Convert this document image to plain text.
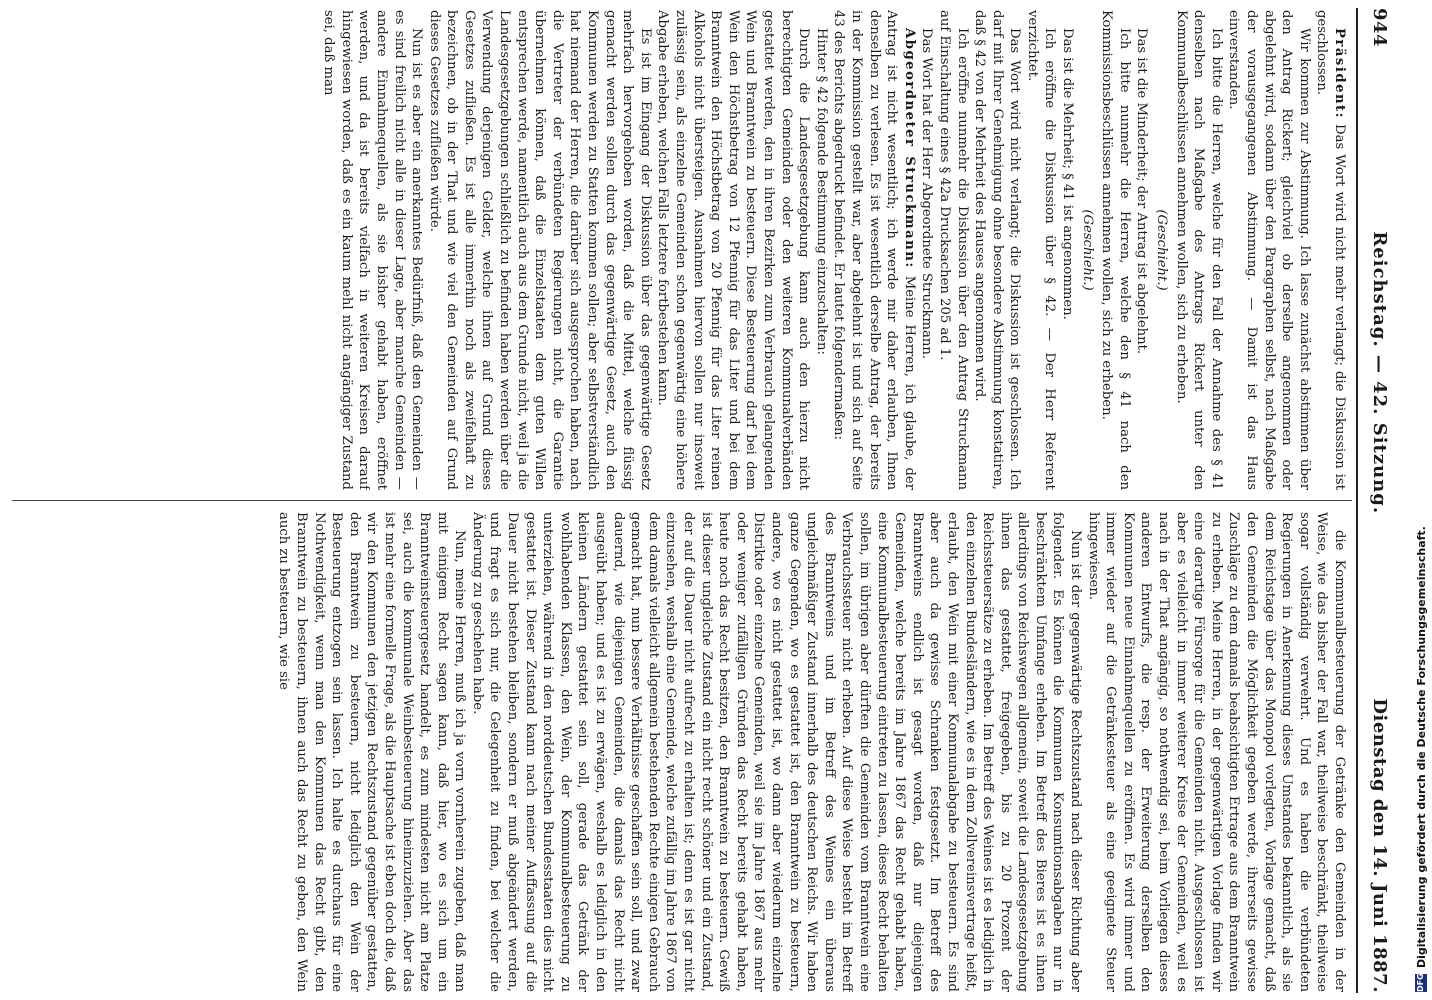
944
Reichstag. — 42. Sitzung.
Dienstag den 14. Juni 1887.

Präsident: Das Wort wird nicht mehr verlangt; die Diskussion ist geschlossen.

Wir kommen zur Abstimmung. Ich lasse zunächst abstimmen über den Antrag Rickert; gleichviel ob derselbe angenommen oder abgelehnt wird, sodann über den Paragraphen selbst, nach Maßgabe der vorausgegangenen Abstimmung. — Damit ist das Haus einverstanden.

Ich bitte die Herren, welche für den Fall der Annahme des § 41 denselben nach Maßgabe des Antrags Rickert unter den Kommunalbeschlüssen annehmen wollen, sich zu erheben.

(Geschieht.)

Das ist die Minderheit; der Antrag ist abgelehnt.

Ich bitte nunmehr die Herren, welche den § 41 nach den Kommissionsbeschlüssen annehmen wollen, sich zu erheben.

(Geschieht.)

Das ist die Mehrheit; § 41 ist angenommen.

Ich eröffne die Diskussion über § 42. — Der Herr Referent verzichtet.

Das Wort wird nicht verlangt; die Diskussion ist geschlossen. Ich darf mit Ihrer Genehmigung ohne besondere Abstimmung konstatiren, daß § 42 von der Mehrheit des Hauses angenommen wird.

Ich eröffne nunmehr die Diskussion über den Antrag Struckmann auf Einschaltung eines § 42a Drucksachen 205 ad 1.

Das Wort hat der Herr Abgeordnete Struckmann.

Abgeordneter Struckmann: Meine Herren, ich glaube, der Antrag ist nicht wesentlich; ich werde mir daher erlauben, Ihnen denselben zu verlesen. Es ist wesentlich derselbe Antrag, der bereits in der Kommission gestellt war, aber abgelehnt ist und sich auf Seite 43 des Berichts abgedruckt befindet. Er lautet folgendermaßen:

Hinter § 42 folgende Bestimmung einzuschalten:

Durch die Landesgesetzgebung kann auch den hierzu nicht berechtigten Gemeinden oder den weiteren Kommunalverbänden gestattet werden, den in ihren Bezirken zum Verbrauch gelangenden Wein und Branntwein zu besteuern. Diese Besteuerung darf bei dem Wein den Höchstbetrag von 12 Pfennig für das Liter und bei dem Branntwein den Höchstbetrag von 20 Pfennig für das Liter reinen Alkohols nicht übersteigen. Ausnahmen hiervon sollen nur insoweit zulässig sein, als einzelne Gemeinden schon gegenwärtig eine höhere Abgabe erheben, welchen Falls letztere fortbestehen kann.

Es ist im Eingang der Diskussion über das gegenwärtige Gesetz mehrfach hervorgehoben worden, daß die Mittel, welche flüssig gemacht werden sollen durch das gegenwärtige Gesetz, auch den Kommunen werden zu Statten kommen sollen; aber selbstverständlich hat niemand der Herren, die darüber sich ausgesprochen haben, nach die Vertreter der verbündeten Regierungen nicht, die Garantie übernehmen können, daß die Einzelstaaten dem guten Willen entsprechen werde, namentlich auch aus dem Grunde nicht, weil ja die Landesgesetzgebungen schließlich zu befinden haben werden über die Verwendung derjenigen Gelder, welche ihnen auf Grund dieses Gesetzes zufließen. Es ist alle immerhin noch als zweifelhaft zu bezeichnen, ob in der That und wie viel den Gemeinden auf Grund dieses Gesetzes zufließen würde.

Nun ist es aber ein anerkanntes Bedürfniß, daß den Gemeinden — es sind freilich nicht alle in dieser Lage, aber manche Gemeinden — andere Einnahmequellen, als sie bisher gehabt haben, eröffnet werden, und da ist bereits vielfach in weiteren Kreisen darauf hingewiesen worden, daß es ein kaum mehl nicht angängiger Zustand sei, daß man

die Kommunalbesteuerung der Getränke den Gemeinden in der Weise, wie das bisher der Fall war, theilweise beschränkt, theilweise sogar vollständig verwehrt. Und es haben die verbündeten Regierungen in Anerkennung dieses Umstandes bekanntlich, als sie dem Reichstage über das Monopol vorlegten, Vorlage gemacht, daß den Gemeinden die Möglichkeit gegeben werde, ihrerseits gewisse Zuschläge zu dem damals beabsichtigten Ertrage aus dem Branntwein zu erheben. Meine Herren, in der gegenwärtigen Vorlage finden wir eine derartige Fürsorge für die Gemeinden nicht. Ausgeschlossen ist aber es vielleicht in immer weiterer Kreise der Gemeinden, weil es nach in der That angängig, so nothwendig sei, beim Vorliegen dieses anderen Entwurfs, die resp. der Erweiterung derselben den Kommunen neue Einnahmequellen zu eröffnen. Es wird immer und immer wieder auf die Getränkesteuer als eine geeignete Steuer hingewiesen.

Nun ist der gegenwärtige Rechtszustand nach dieser Richtung aber folgender. Es können die Kommunen Konsumtionsabgaben nur in beschränktem Umfange erheben. Im Betreff des Bieres ist es ihnen allerdings von Reichswegen allgemein, soweit die Landesgesetzgebung ihnen das gestattet, freigegeben, bis zu 20 Prozent der Reichssteuersätze zu erheben. Im Betreff des Weines ist es lediglich in den einzelnen Bundesländern, wie es in dem Zollvereinsvertrage heißt, erlaubt, den Wein mit einer Kommunalabgabe zu besteuern. Es sind aber auch da gewisse Schranken festgesetzt. Im Betreff des Branntweins endlich ist gesagt worden, daß nur diejenigen Gemeinden, welche bereits im Jahre 1867 das Recht gehabt haben, eine Kommunalbesteuerung eintreten zu lassen, dieses Recht behalten sollen, im übrigen aber dürften die Gemeinden vom Branntwein eine Verbrauchssteuer nicht erheben. Auf diese Weise besteht im Betreff des Branntweins und im Betreff des Weines ein überaus ungleichmäßiger Zustand innerhalb des deutschen Reichs. Wir haben ganze Gegenden, wo es gestattet ist, den Branntwein zu besteuern, andere, wo es nicht gestattet ist, wo dann aber wiederum einzelne Distrikte oder einzelne Gemeinden, weil sie im Jahre 1867 aus mehr oder weniger zufälligen Gründen das Recht bereits gehabt haben, heute noch das Recht besitzen, den Branntwein zu besteuern. Gewiß ist dieser ungleiche Zustand ein nicht recht schöner und ein Zustand, der auf die Dauer nicht aufrecht zu erhalten ist; denn es ist gar nicht einzusehen, weshalb eine Gemeinde, welche zufällig im Jahre 1867 von dem damals vielleicht allgemein bestehenden Rechte einigen Gebrauch gemacht hat, nun bessere Verhältnisse geschaffen sein soll, und zwar dauernd, wie diejenigen Gemeinden, die damals das Recht nicht ausgeübt haben; und es ist zu erwägen, weshalb es lediglich in den kleinen Ländern gestattet sein soll, gerade das Getränk der wohlhabenden Klassen, den Wein, der Kommunalbesteuerung zu unterziehen, während in den norddeutschen Bundesstaaten dies nicht gestattet ist. Dieser Zustand kann nach meiner Auffassung auf die Dauer nicht bestehen bleiben, sondern er muß abgeändert werden, und fragt es sich nur, die Gelegenheit zu finden, bei welcher die Änderung zu geschehen habe.

Nun, meine Herren, muß ich ja vorn vornherein zugeben, daß man mit einigem Recht sagen kann, daß hier, wo es sich um ein Branntweinsteuergesetz handelt, es zum mindesten nicht am Platze sei, auch die kommunale Weinbesteuerung hineinzuziehen. Aber das ist mehr eine formelle Frage, als die Hauptsache ist eben doch die, daß wir den Kommunen den jetzigen Rechtszustand gegenüber gestatten, den Branntwein zu besteuern, nicht lediglich den Wein der Besteuerung entzogen sein lassen. Ich halte es durchaus für eine Nothwendigkeit, wenn man den Kommunen das Recht gibt, den Branntwein zu besteuern, ihnen auch das Recht zu geben, den Wein auch zu besteuern, wie sie

DFG
Digitalisierung gefördert durch die Deutsche Forschungsgemeinschaft.
